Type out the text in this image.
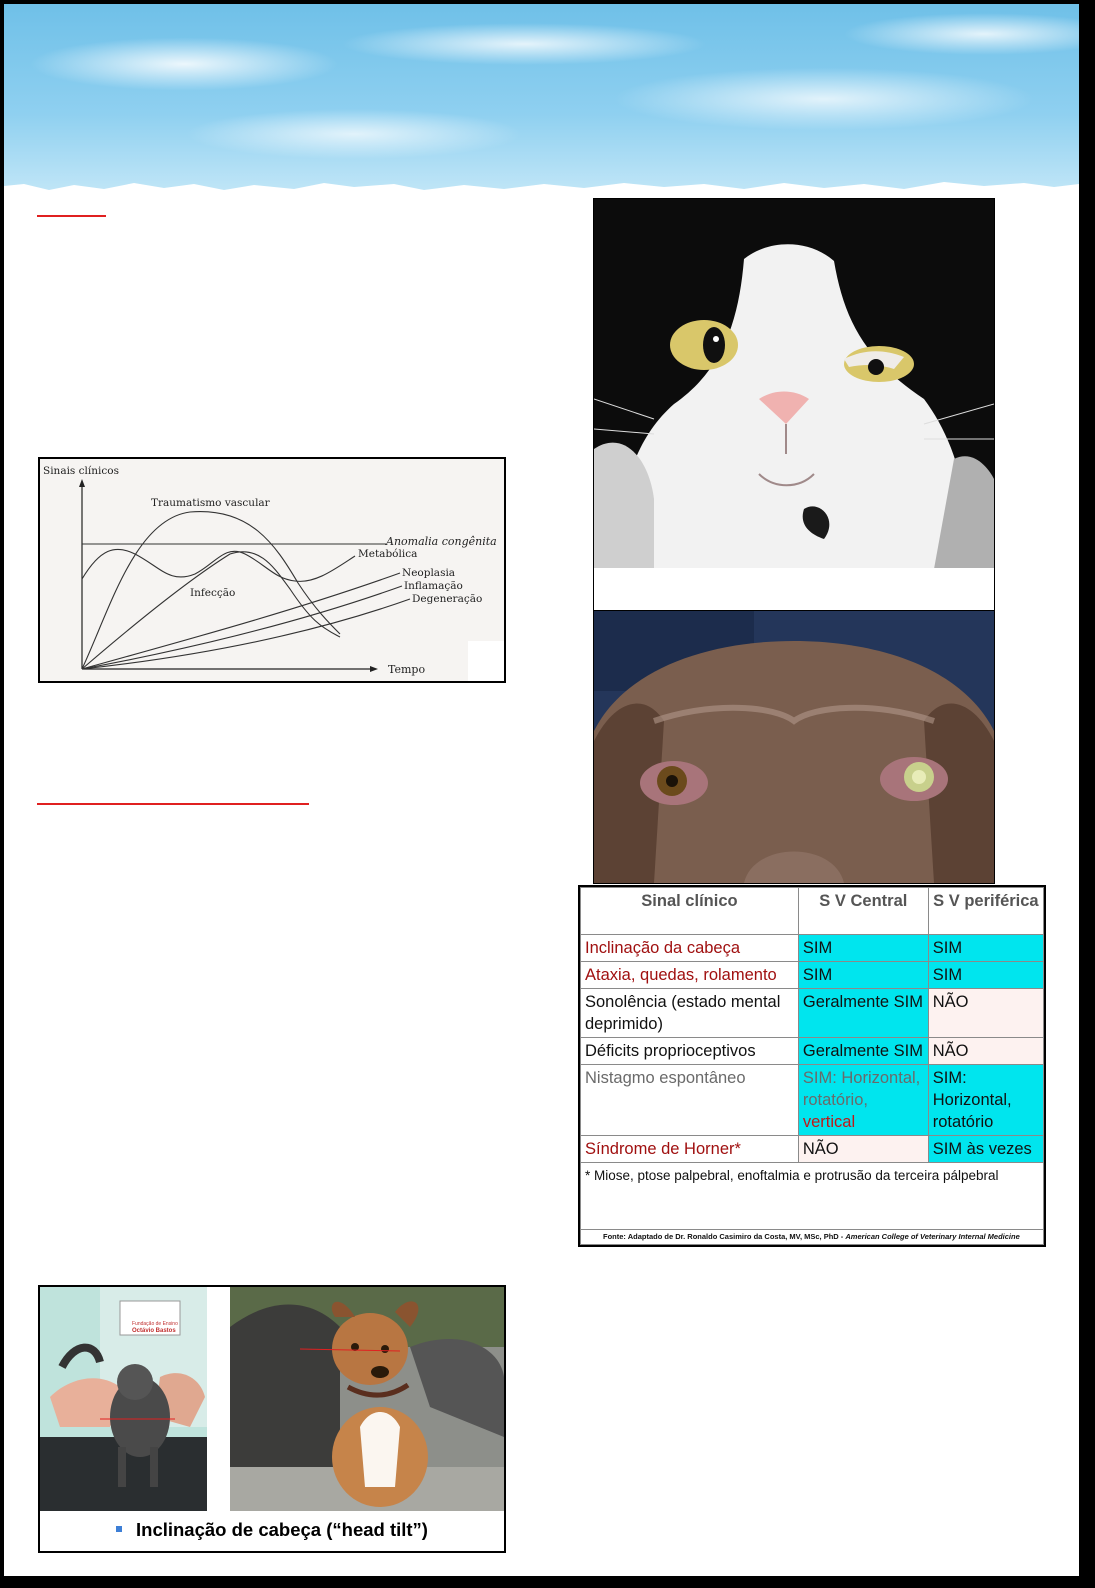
Sinais clínicos
Tempo
Traumatismo vascular
Anomalia congênita
Metabólica
Infecção
Neoplasia
Inflamação
Degeneração
Sinal clínico	S V Central	S V periférica
Inclinação da cabeça	SIM	SIM
Ataxia, quedas, rolamento	SIM	SIM
Sonolência (estado mental deprimido)	Geralmente SIM	NÃO
Déficits proprioceptivos	Geralmente SIM	NÃO
Nistagmo espontâneo	SIM: Horizontal, rotatório, vertical	SIM: Horizontal, rotatório
Síndrome de Horner*	NÃO	SIM às vezes
* Miose, ptose palpebral, enoftalmia e protrusão da terceira pálpebral		
Fonte: Adaptado de Dr. Ronaldo Casimiro da Costa, MV, MSc, PhD - American College of Veterinary Internal Medicine		
Fundação de Ensino
Octávio Bastos
Inclinação de cabeça (“head tilt”)
